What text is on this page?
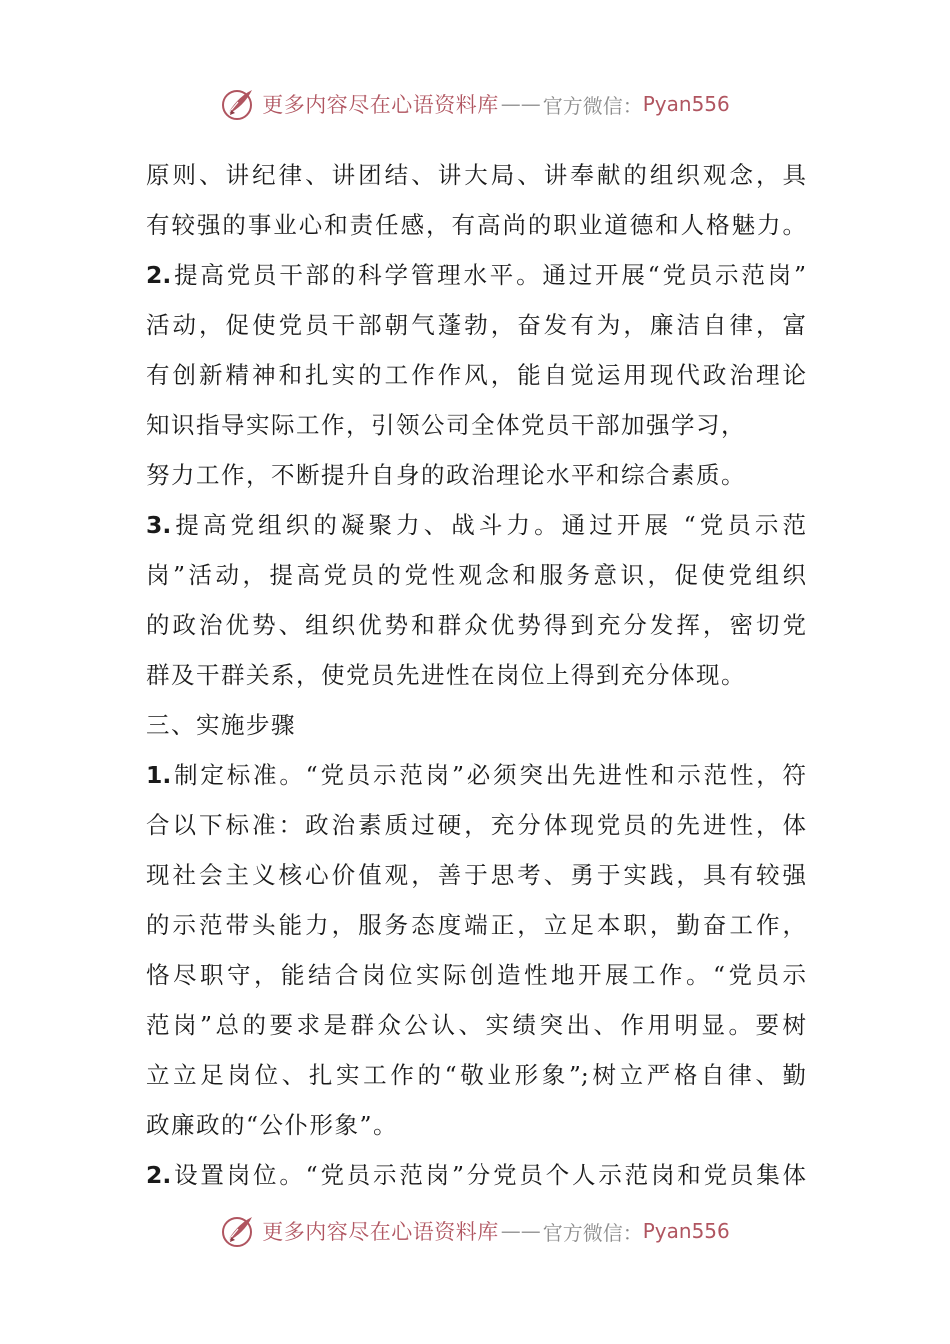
更多内容尽在心语资料库 —— 官方微信： Pyan556
原则、讲纪律、讲团结、讲大局、讲奉献的组织观念，具
有较强的事业心和责任感，有高尚的职业道德和人格魅力。
2.提高党员干部的科学管理水平。通过开展“党员示范岗”
活动，促使党员干部朝气蓬勃，奋发有为，廉洁自律，富
有创新精神和扎实的工作作风，能自觉运用现代政治理论
知识指导实际工作，引领公司全体党员干部加强学习，
努力工作，不断提升自身的政治理论水平和综合素质。
3.提高党组织的凝聚力、战斗力。通过开展 “党员示范
岗”活动，提高党员的党性观念和服务意识，促使党组织
的政治优势、组织优势和群众优势得到充分发挥，密切党
群及干群关系，使党员先进性在岗位上得到充分体现。
三、实施步骤
1.制定标准。“党员示范岗”必须突出先进性和示范性，符
合以下标准：政治素质过硬，充分体现党员的先进性，体
现社会主义核心价值观，善于思考、勇于实践，具有较强
的示范带头能力，服务态度端正，立足本职，勤奋工作，
恪尽职守，能结合岗位实际创造性地开展工作。“党员示
范岗”总的要求是群众公认、实绩突出、作用明显。要树
立立足岗位、扎实工作的“敬业形象”;树立严格自律、勤
政廉政的“公仆形象”。
2.设置岗位。“党员示范岗”分党员个人示范岗和党员集体
更多内容尽在心语资料库 —— 官方微信： Pyan556
